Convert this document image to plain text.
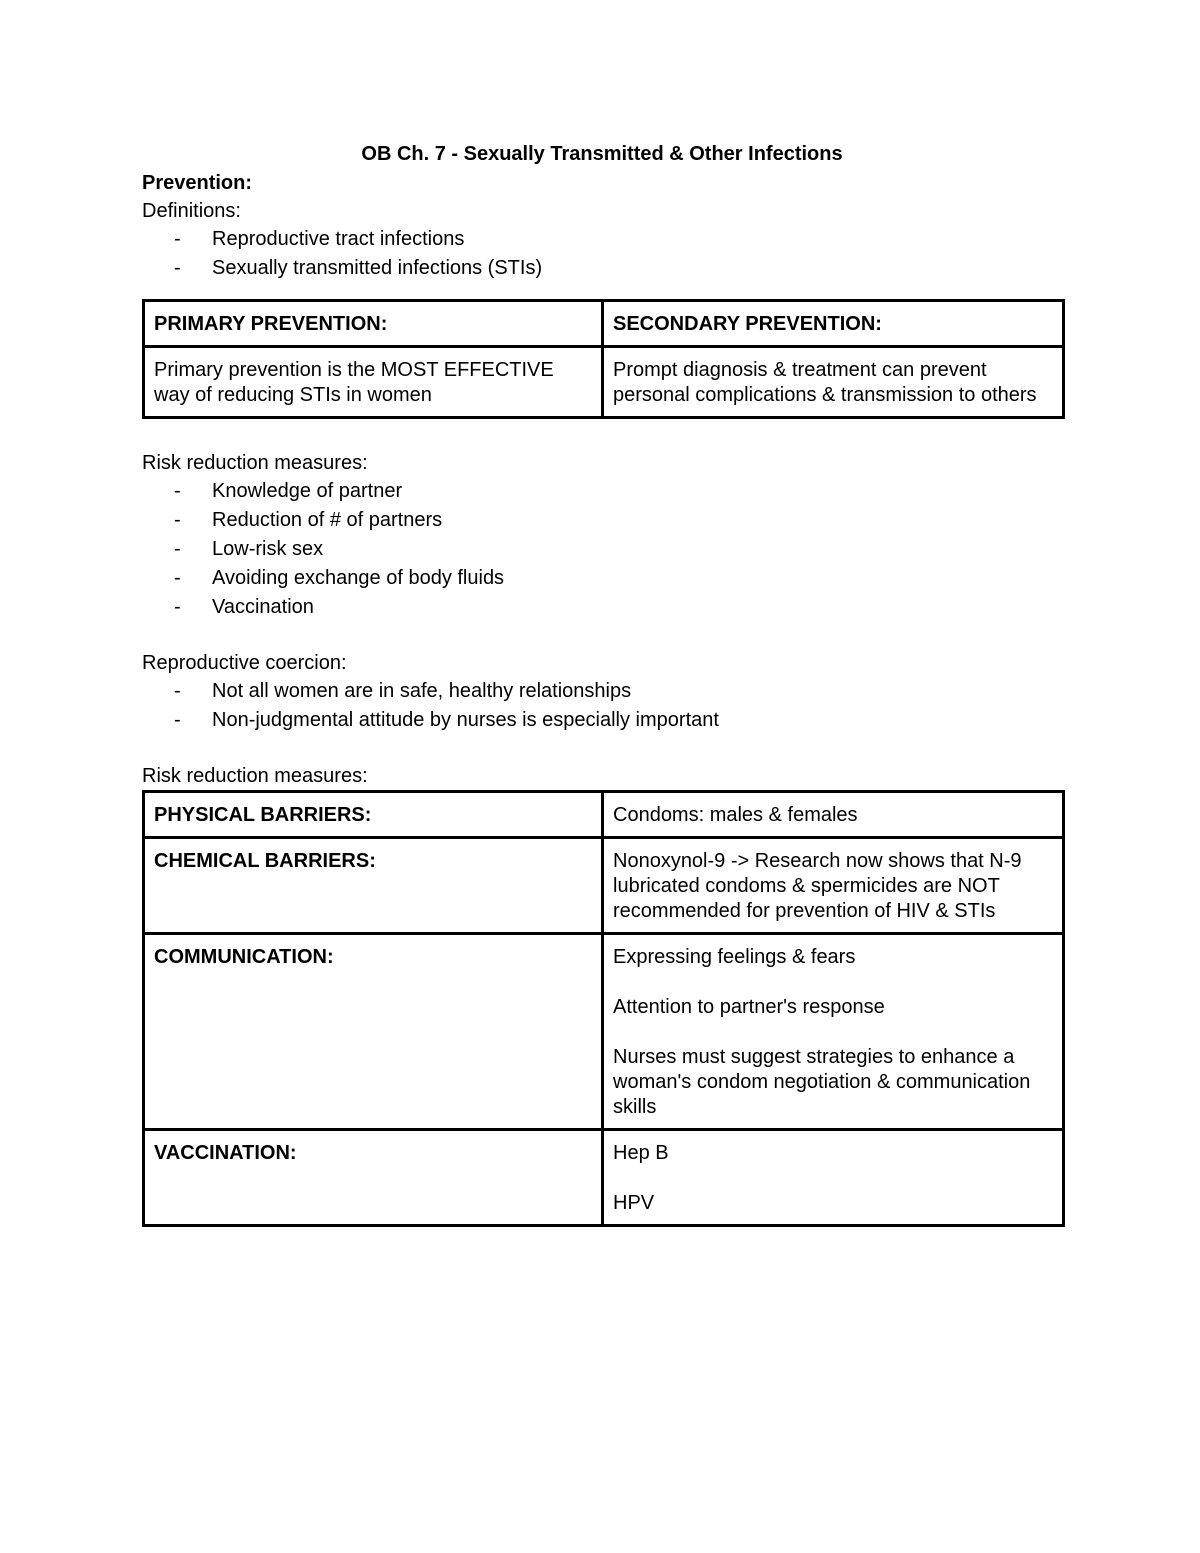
OB Ch. 7 - Sexually Transmitted & Other Infections
Prevention:
Definitions:
- Reproductive tract infections
- Sexually transmitted infections (STIs)
PRIMARY PREVENTION:	SECONDARY PREVENTION:
Primary prevention is the MOST EFFECTIVE way of reducing STIs in women	Prompt diagnosis & treatment can prevent personal complications & transmission to others
Risk reduction measures:
- Knowledge of partner
- Reduction of # of partners
- Low-risk sex
- Avoiding exchange of body fluids
- Vaccination
Reproductive coercion:
- Not all women are in safe, healthy relationships
- Non-judgmental attitude by nurses is especially important
Risk reduction measures:
PHYSICAL BARRIERS:	Condoms: males & females

CHEMICAL BARRIERS:	Nonoxynol-9 -> Research now shows that N-9 lubricated condoms & spermicides are NOT recommended for prevention of HIV & STIs

COMMUNICATION:	Expressing feelings & fears

Attention to partner's response

Nurses must suggest strategies to enhance a woman's condom negotiation & communication skills

VACCINATION:	Hep B

HPV
